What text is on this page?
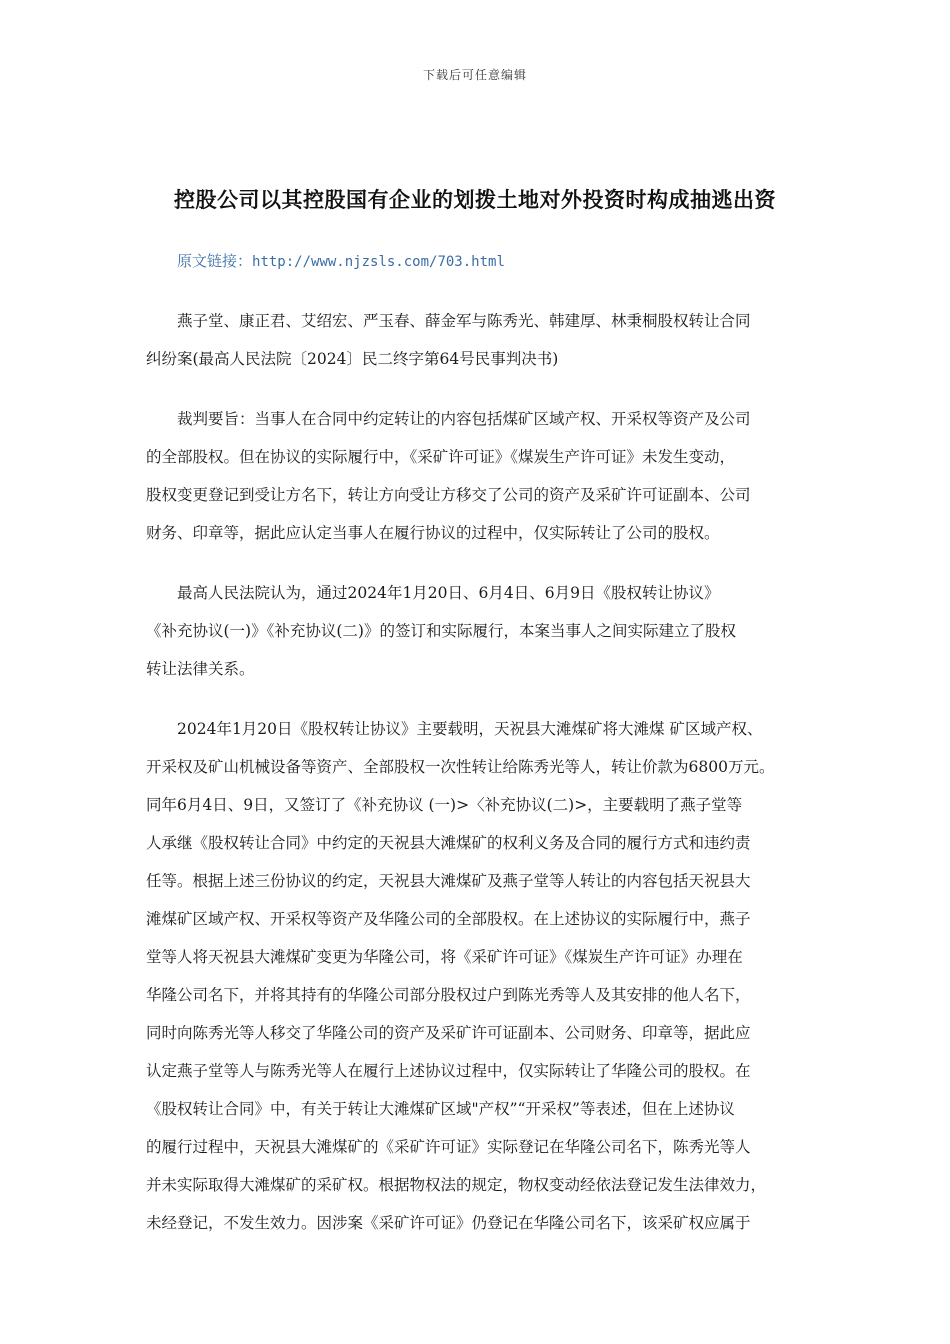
下载后可任意编辑
控股公司以其控股国有企业的划拨土地对外投资时构成抽逃出资
原文链接：http://www.njzsls.com/703.html
燕子堂、康正君、艾绍宏、严玉春、薛金军与陈秀光、韩建厚、林秉桐股权转让合同
纠纷案(最高人民法院〔2024〕民二终字第64号民事判决书)
裁判要旨：当事人在合同中约定转让的内容包括煤矿区域产权、开采权等资产及公司
的全部股权。但在协议的实际履行中，《采矿许可证》《煤炭生产许可证》未发生变动，
股权变更登记到受让方名下，转让方向受让方移交了公司的资产及采矿许可证副本、公司
财务、印章等，据此应认定当事人在履行协议的过程中，仅实际转让了公司的股权。
最高人民法院认为，通过2024年1月20日、6月4日、6月9日《股权转让协议》
《补充协议(一)》《补充协议(二)》的签订和实际履行，本案当事人之间实际建立了股权
转让法律关系。
2024年1月20日《股权转让协议》主要载明，天祝县大滩煤矿将大滩煤 矿区域产权、
开采权及矿山机械设备等资产、全部股权一次性转让给陈秀光等人，转让价款为6800万元。
同年6月4日、9日，又签订了《补充协议 (一)>〈补充协议(二)>，主要载明了燕子堂等
人承继《股权转让合同》中约定的天祝县大滩煤矿的权利义务及合同的履行方式和违约责
任等。根据上述三份协议的约定，天祝县大滩煤矿及燕子堂等人转让的内容包括天祝县大
滩煤矿区域产权、开采权等资产及华隆公司的全部股权。在上述协议的实际履行中，燕子
堂等人将天祝县大滩煤矿变更为华隆公司，将《采矿许可证》《煤炭生产许可证》办理在
华隆公司名下，并将其持有的华隆公司部分股权过户到陈光秀等人及其安排的他人名下，
同时向陈秀光等人移交了华隆公司的资产及采矿许可证副本、公司财务、印章等，据此应
认定燕子堂等人与陈秀光等人在履行上述协议过程中，仅实际转让了华隆公司的股权。在
《股权转让合同》中，有关于转让大滩煤矿区域"产权”“开采权”等表述，但在上述协议
的履行过程中，天祝县大滩煤矿的《采矿许可证》实际登记在华隆公司名下，陈秀光等人
并未实际取得大滩煤矿的采矿权。根据物权法的规定，物权变动经依法登记发生法律效力，
未经登记，不发生效力。因涉案《采矿许可证》仍登记在华隆公司名下，该采矿权应属于
